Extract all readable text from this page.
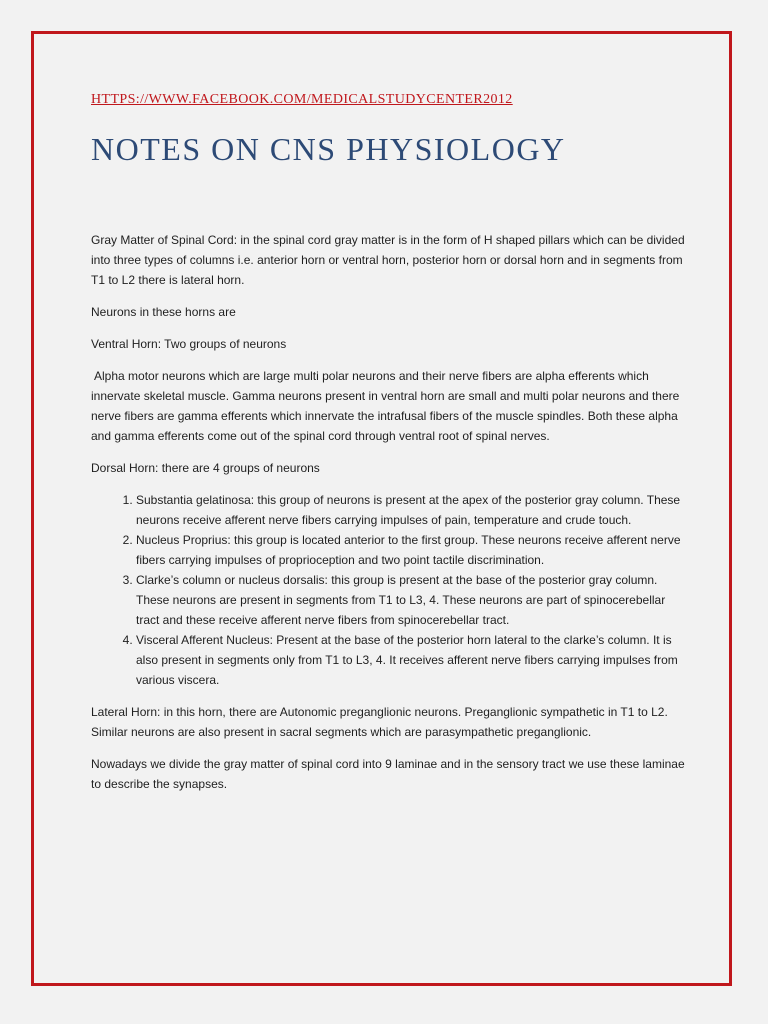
HTTPS://WWW.FACEBOOK.COM/MEDICALSTUDYCENTER2012
NOTES ON CNS PHYSIOLOGY

Gray Matter of Spinal Cord: in the spinal cord gray matter is in the form of H shaped pillars which can be divided into three types of columns i.e. anterior horn or ventral horn, posterior horn or dorsal horn and in segments from T1 to L2 there is lateral horn.

Neurons in these horns are

Ventral Horn: Two groups of neurons

Alpha motor neurons which are large multi polar neurons and their nerve fibers are alpha efferents which innervate skeletal muscle. Gamma neurons present in ventral horn are small and multi polar neurons and there nerve fibers are gamma efferents which innervate the intrafusal fibers of the muscle spindles. Both these alpha and gamma efferents come out of the spinal cord through ventral root of spinal nerves.

Dorsal Horn: there are 4 groups of neurons

1. Substantia gelatinosa: this group of neurons is present at the apex of the posterior gray column. These neurons receive afferent nerve fibers carrying impulses of pain, temperature and crude touch.
2. Nucleus Proprius: this group is located anterior to the first group. These neurons receive afferent nerve fibers carrying impulses of proprioception and two point tactile discrimination.
3. Clarke’s column or nucleus dorsalis: this group is present at the base of the posterior gray column. These neurons are present in segments from T1 to L3, 4. These neurons are part of spinocerebellar tract and these receive afferent nerve fibers from spinocerebellar tract.
4. Visceral Afferent Nucleus: Present at the base of the posterior horn lateral to the clarke’s column. It is also present in segments only from T1 to L3, 4. It receives afferent nerve fibers carrying impulses from various viscera.

Lateral Horn: in this horn, there are Autonomic preganglionic neurons. Preganglionic sympathetic in T1 to L2. Similar neurons are also present in sacral segments which are parasympathetic preganglionic.

Nowadays we divide the gray matter of spinal cord into 9 laminae and in the sensory tract we use these laminae to describe the synapses.
